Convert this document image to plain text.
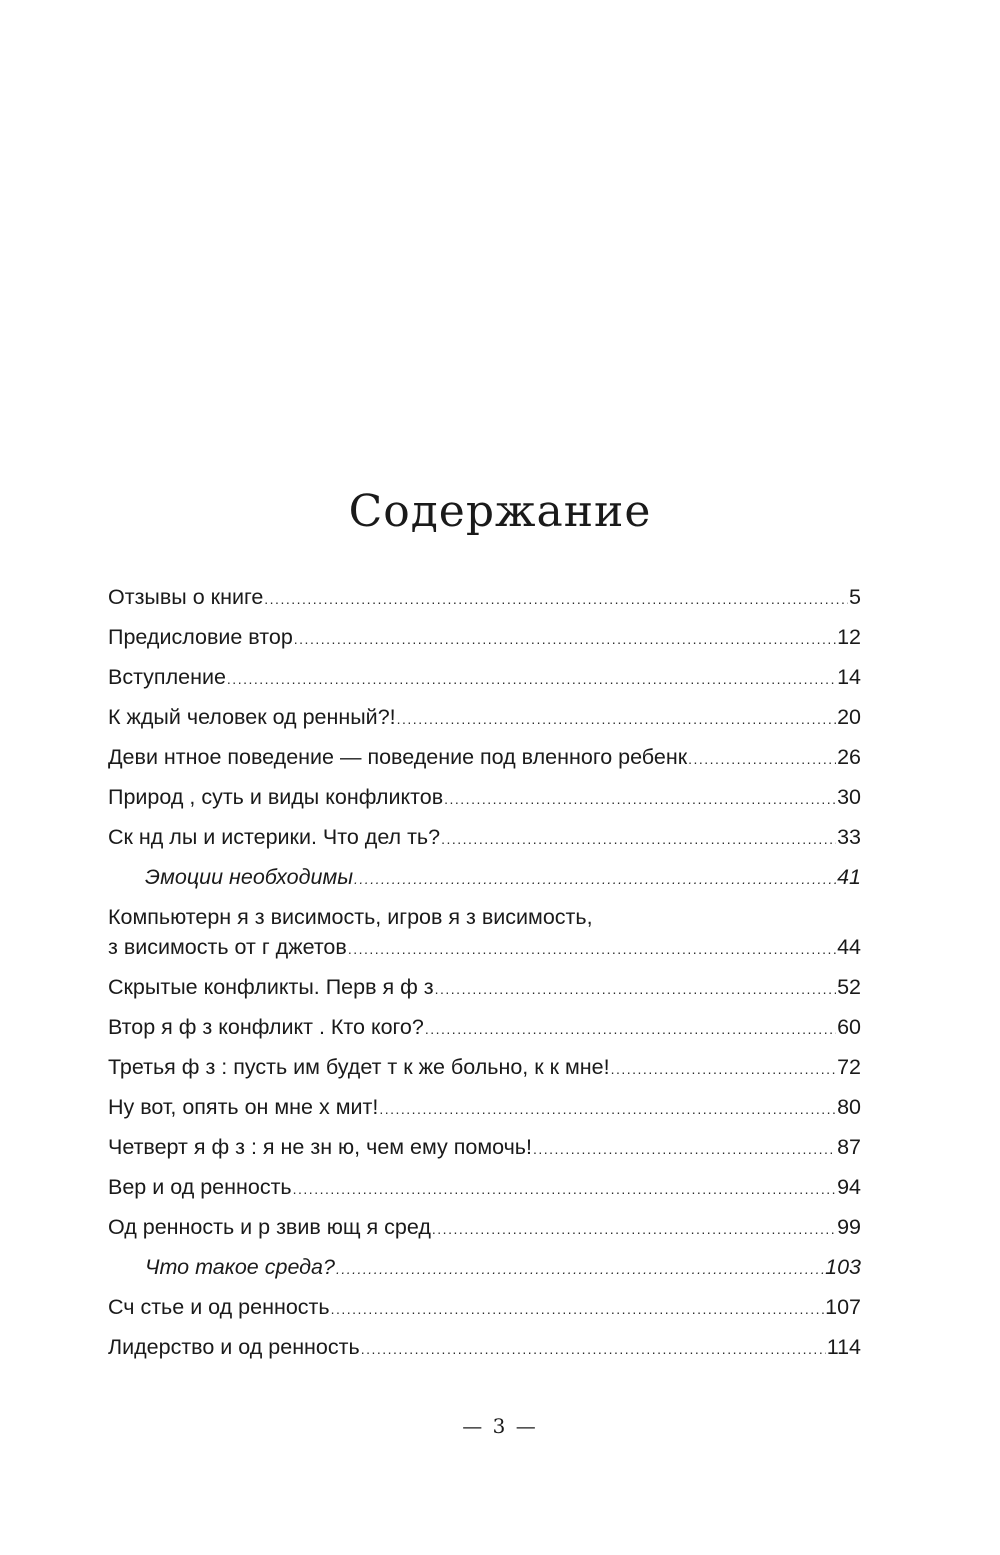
Содержание
Отзывы о книге .....	5
Предисловие втор .....	12
Вступление .....	14
К ждый человек од ренный?! .....	20
Деви нтное поведение — поведение под вленного ребенк .....	26
Природ , суть и виды конфликтов .....	30
Ск нд лы и истерики. Что дел ть? .....	33
Эмоции необходимы .....	41
Компьютерн я з висимость, игров я з висимость,
з висимость от г джетов .....	44
Скрытые конфликты. Перв я ф з .....	52
Втор я ф з конфликт . Кто кого? .....	60
Третья ф з : пусть им будет т к же больно, к к мне! .....	72
Ну вот, опять он мне х мит! .....	80
Четверт я ф з : я не зн ю, чем ему помочь! .....	87
Вер и од ренность .....	94
Од ренность и р звив ющ я сред .....	99
Что такое среда? .....	103
Сч стье и од ренность .....	107
Лидерство и од ренность .....	114
— 3 —
